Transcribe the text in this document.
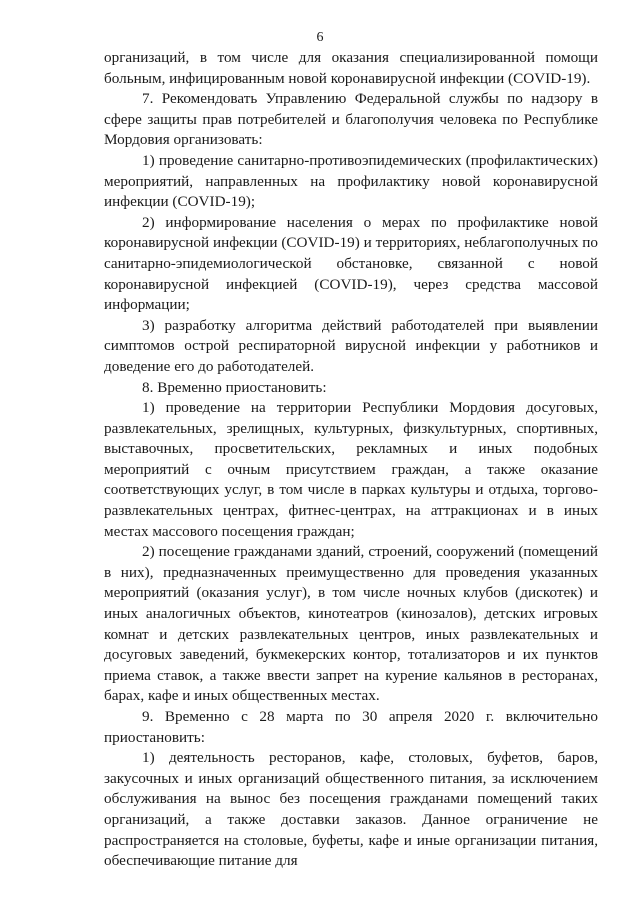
6

организаций, в том числе для оказания специализированной помощи больным, инфицированным новой коронавирусной инфекции (COVID-19).

7. Рекомендовать Управлению Федеральной службы по надзору в сфере защиты прав потребителей и благополучия человека по Республике Мордовия организовать:

1) проведение санитарно-противоэпидемических (профилактических) мероприятий, направленных на профилактику новой коронавирусной инфекции (COVID-19);

2) информирование населения о мерах по профилактике новой коронавирусной инфекции (COVID-19) и территориях, неблагополучных по санитарно-эпидемиологической обстановке, связанной с новой коронавирусной инфекцией (COVID-19), через средства массовой информации;

3) разработку алгоритма действий работодателей при выявлении симптомов острой респираторной вирусной инфекции у работников и доведение его до работодателей.

8. Временно приостановить:

1) проведение на территории Республики Мордовия досуговых, развлекательных, зрелищных, культурных, физкультурных, спортивных, выставочных, просветительских, рекламных и иных подобных мероприятий с очным присутствием граждан, а также оказание соответствующих услуг, в том числе в парках культуры и отдыха, торгово-развлекательных центрах, фитнес-центрах, на аттракционах и в иных местах массового посещения граждан;

2) посещение гражданами зданий, строений, сооружений (помещений в них), предназначенных преимущественно для проведения указанных мероприятий (оказания услуг), в том числе ночных клубов (дискотек) и иных аналогичных объектов, кинотеатров (кинозалов), детских игровых комнат и детских развлекательных центров, иных развлекательных и досуговых заведений, букмекерских контор, тотализаторов и их пунктов приема ставок, а также ввести запрет на курение кальянов в ресторанах, барах, кафе и иных общественных местах.

9. Временно с 28 марта по 30 апреля 2020 г. включительно приостановить:

1) деятельность ресторанов, кафе, столовых, буфетов, баров, закусочных и иных организаций общественного питания, за исключением обслуживания на вынос без посещения гражданами помещений таких организаций, а также доставки заказов. Данное ограничение не распространяется на столовые, буфеты, кафе и иные организации питания, обеспечивающие питание для
